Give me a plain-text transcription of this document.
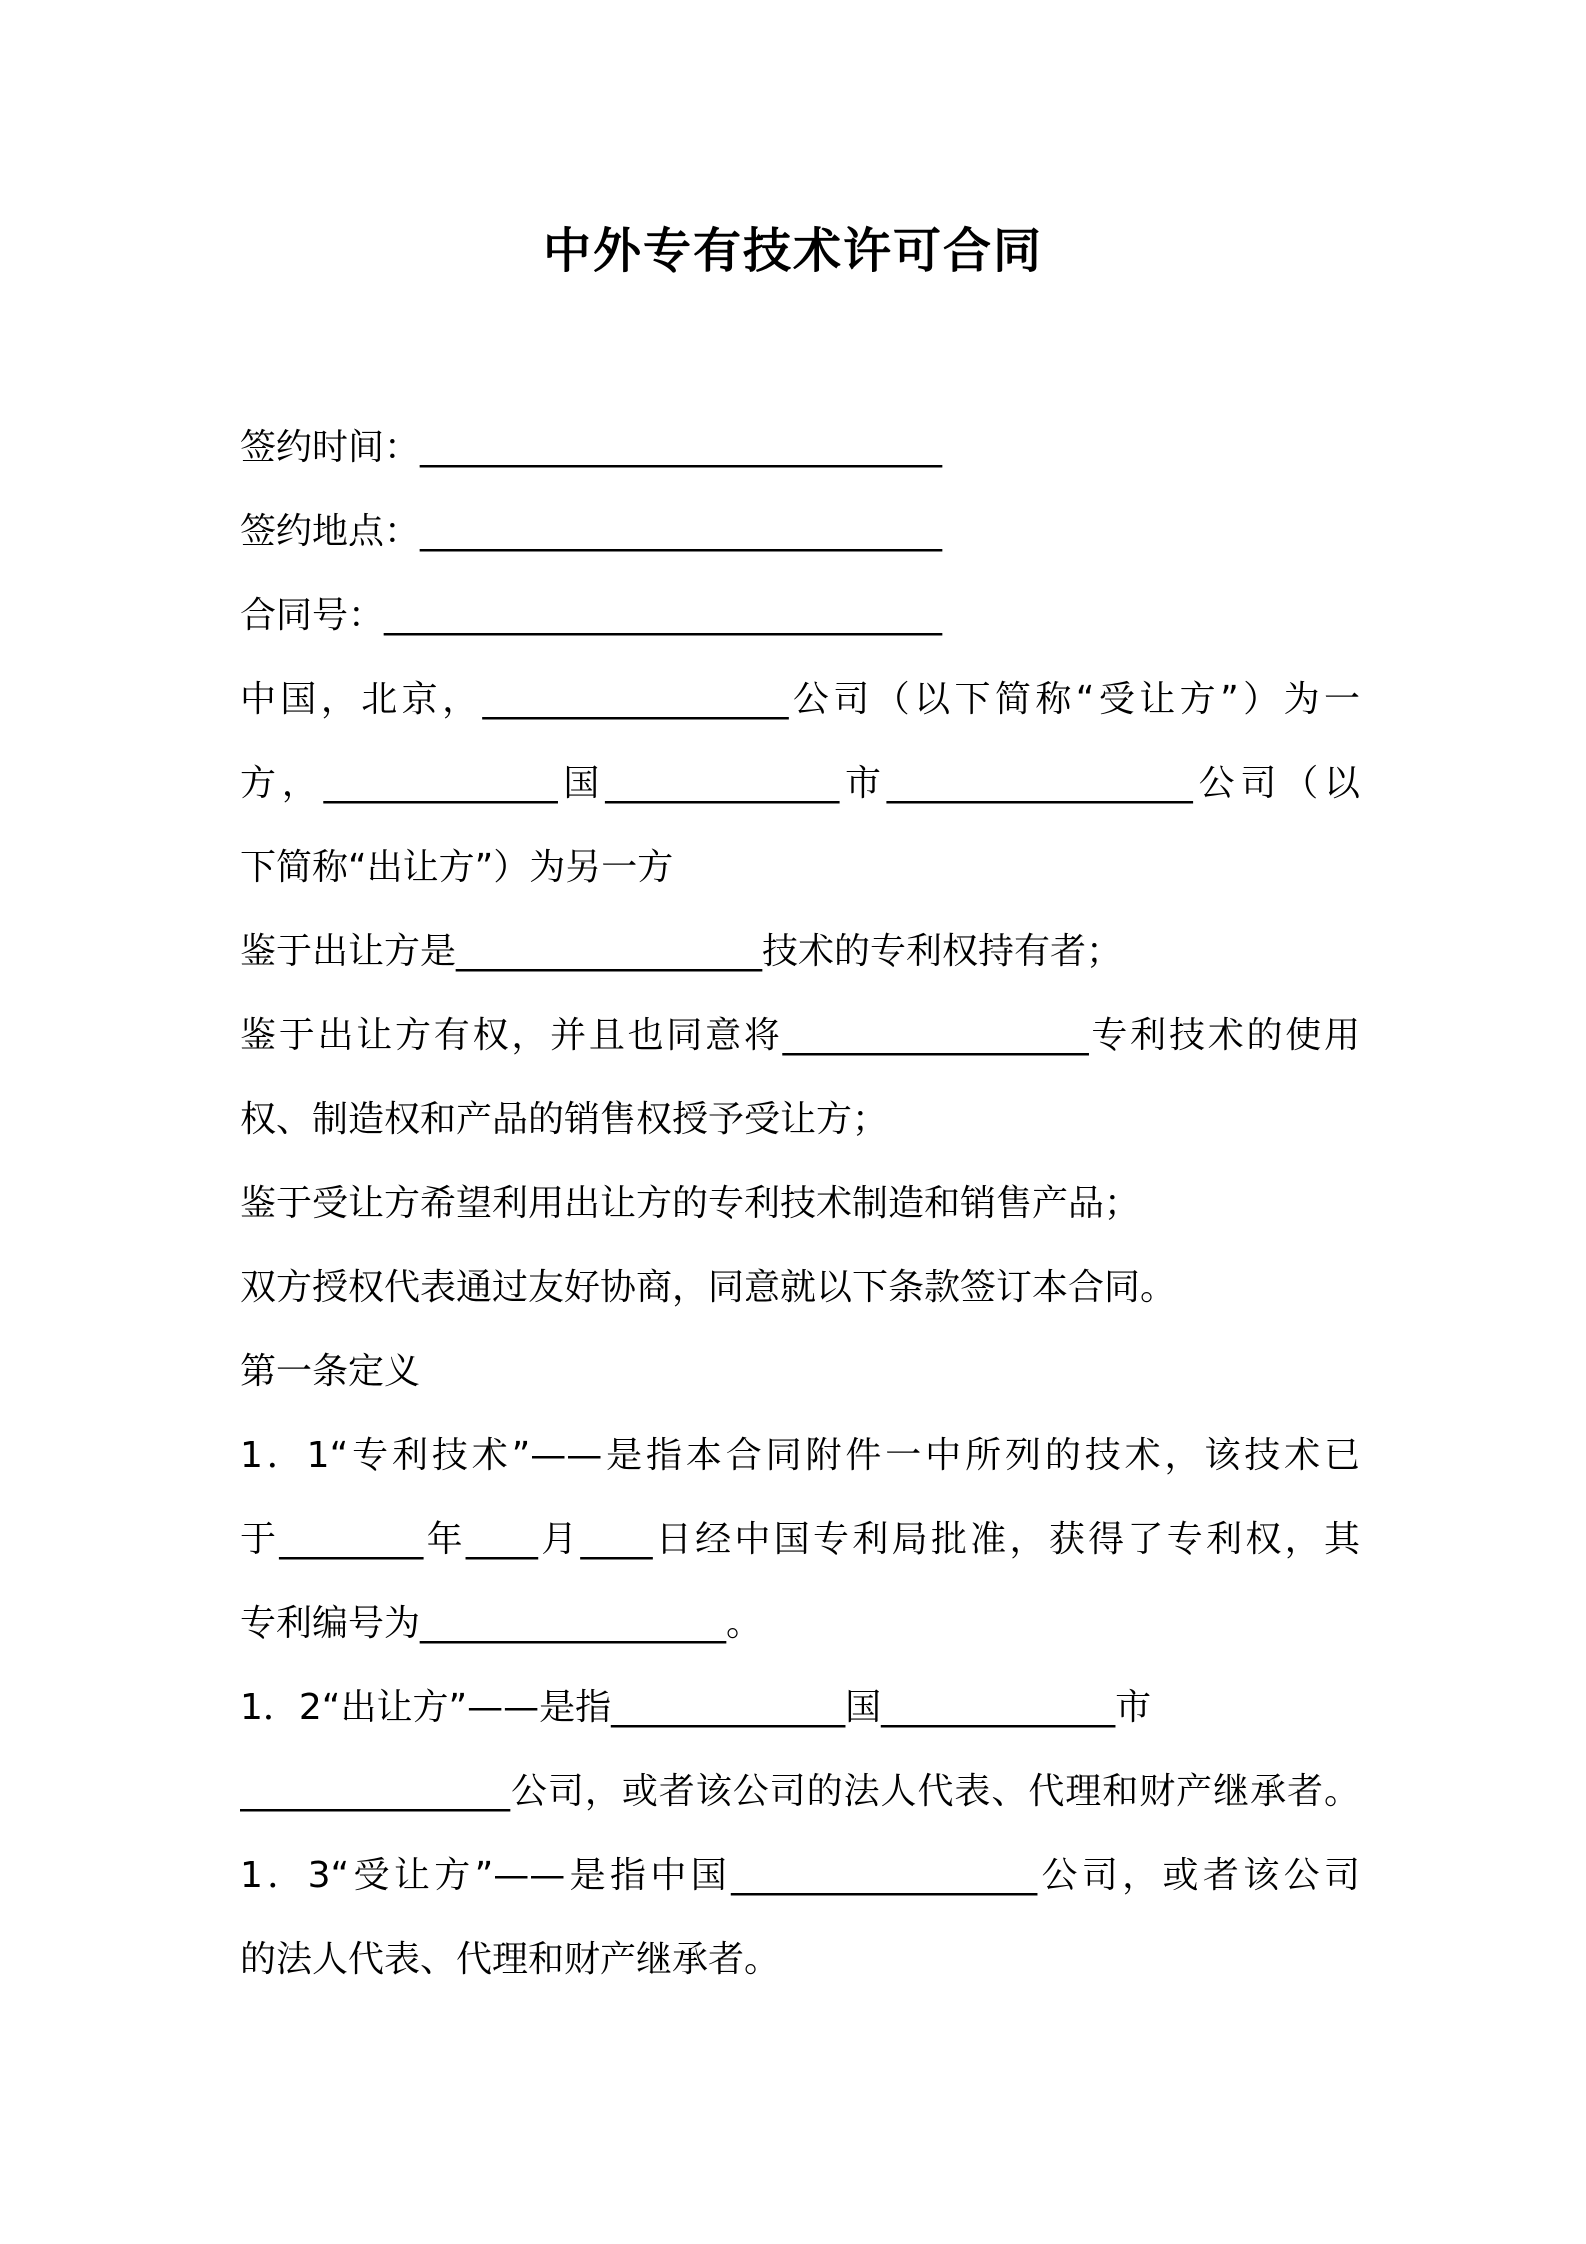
中外专有技术许可合同
签约时间：_____________________________
签约地点：_____________________________
合同号：_______________________________
中国，北京，_________________公司（以下简称“受让方”）为一
方，_____________国_____________市_________________公司（以
下简称“出让方”）为另一方
鉴于出让方是_________________技术的专利权持有者；
鉴于出让方有权，并且也同意将_________________专利技术的使用
权、制造权和产品的销售权授予受让方；
鉴于受让方希望利用出让方的专利技术制造和销售产品；
双方授权代表通过友好协商，同意就以下条款签订本合同。
第一条定义
1．1“专利技术”——是指本合同附件一中所列的技术，该技术已
于________年____月____日经中国专利局批准，获得了专利权，其
专利编号为_________________。
1．2“出让方”——是指_____________国_____________市
_______________公司，或者该公司的法人代表、代理和财产继承者。
1．3“受让方”——是指中国_________________公司，或者该公司
的法人代表、代理和财产继承者。
